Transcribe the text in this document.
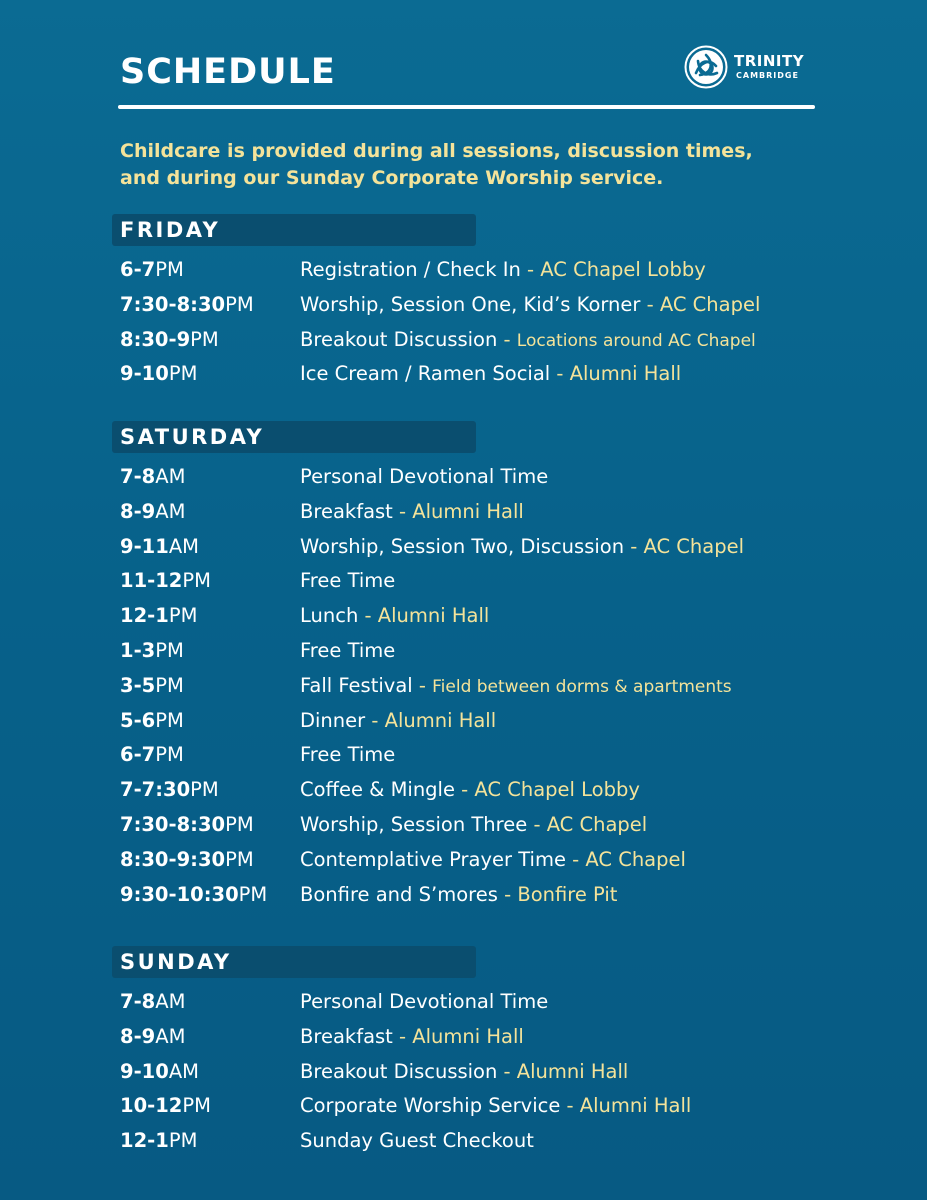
SCHEDULE	TRINITY
CAMBRIDGE
Childcare is provided during all sessions, discussion times,
and during our Sunday Corporate Worship service.
FRIDAY
6-7PM	Registration / Check In - AC Chapel Lobby
7:30-8:30PM Worship, Session One, Kid’s Korner - AC Chapel
8:30-9PM	Breakout Discussion - Locations around AC Chapel
9-10PM	Ice Cream / Ramen Social - Alumni Hall
SATURDAY
7-8AM	Personal Devotional Time
8-9AM	Breakfast - Alumni Hall
9-11AM	Worship, Session Two, Discussion - AC Chapel
11-12PM	Free Time
12-1PM	Lunch - Alumni Hall
1-3PM	Free Time
3-5PM	Fall Festival - Field between dorms & apartments
5-6PM	Dinner - Alumni Hall
6-7PM	Free Time
7-7:30PM	Coffee & Mingle - AC Chapel Lobby
7:30-8:30PM Worship, Session Three - AC Chapel
8:30-9:30PM Contemplative Prayer Time - AC Chapel
9:30-10:30PM Bonfire and S’mores - Bonfire Pit
SUNDAY
7-8AM	Personal Devotional Time
8-9AM	Breakfast - Alumni Hall
9-10AM	Breakout Discussion - Alumni Hall
10-12PM	Corporate Worship Service - Alumni Hall
12-1PM	Sunday Guest Checkout
